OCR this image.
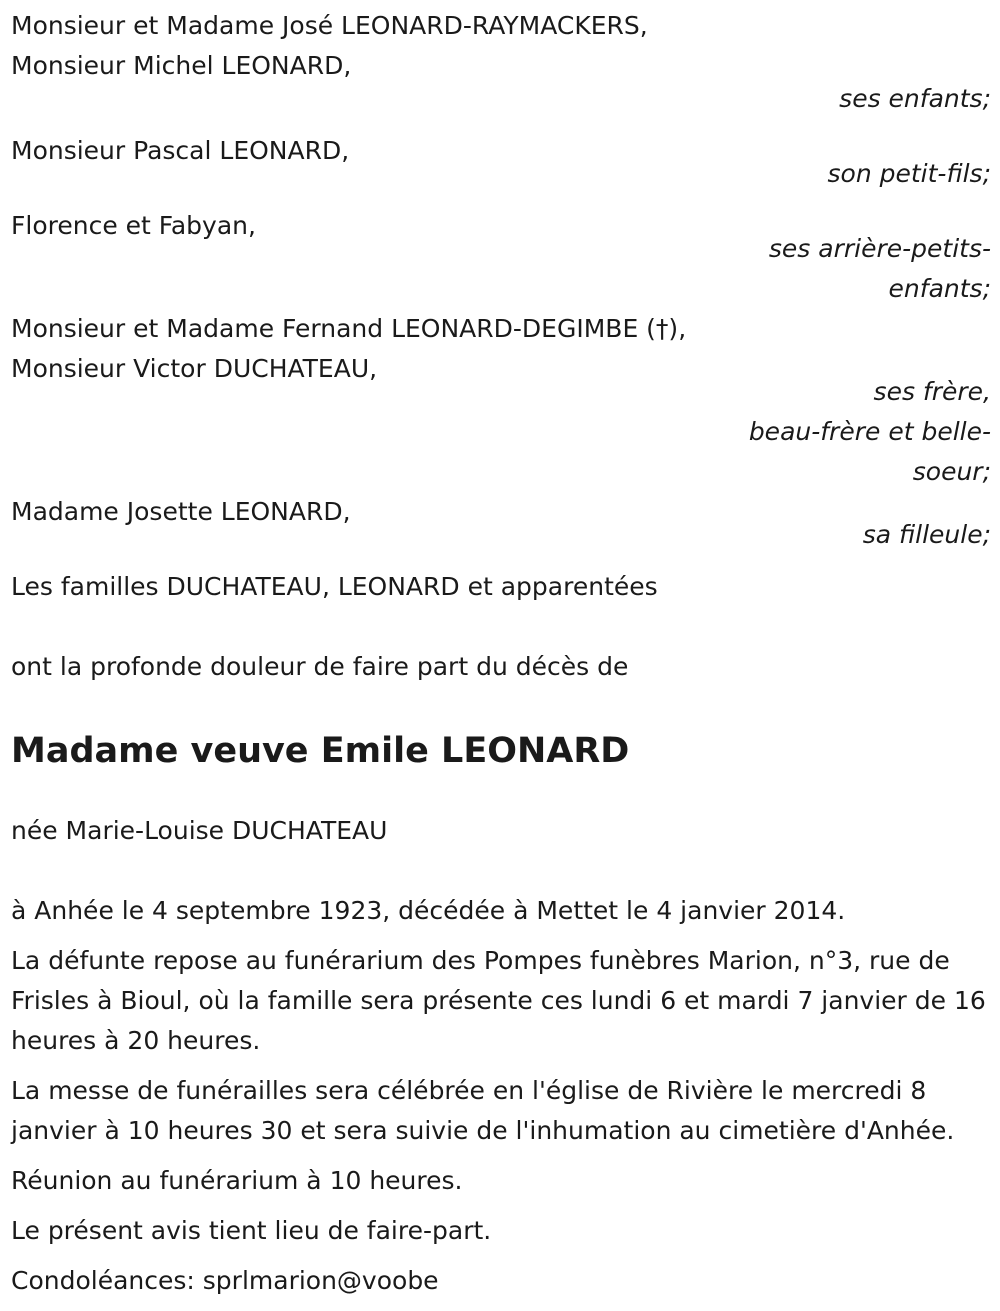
Monsieur et Madame José LEONARD-RAYMACKERS,
Monsieur Michel LEONARD,
ses enfants;
Monsieur Pascal LEONARD,
son petit-fils;
Florence et Fabyan,
ses arrière-petits-
enfants;
Monsieur et Madame Fernand LEONARD-DEGIMBE (†),
Monsieur Victor DUCHATEAU,
ses frère,
beau-frère et belle-
soeur;
Madame Josette LEONARD,
sa filleule;
Les familles DUCHATEAU, LEONARD et apparentées
ont la profonde douleur de faire part du décès de
Madame veuve Emile LEONARD
née Marie-Louise DUCHATEAU
à Anhée le 4 septembre 1923, décédée à Mettet le 4 janvier 2014.
La défunte repose au funérarium des Pompes funèbres Marion, n°3, rue de Frisles à Bioul, où la famille sera présente ces lundi 6 et mardi 7 janvier de 16 heures à 20 heures.
La messe de funérailles sera célébrée en l'église de Rivière le mercredi 8 janvier à 10 heures 30 et sera suivie de l'inhumation au cimetière d'Anhée.
Réunion au funérarium à 10 heures.
Le présent avis tient lieu de faire-part.
Condoléances: sprlmarion@voobe
